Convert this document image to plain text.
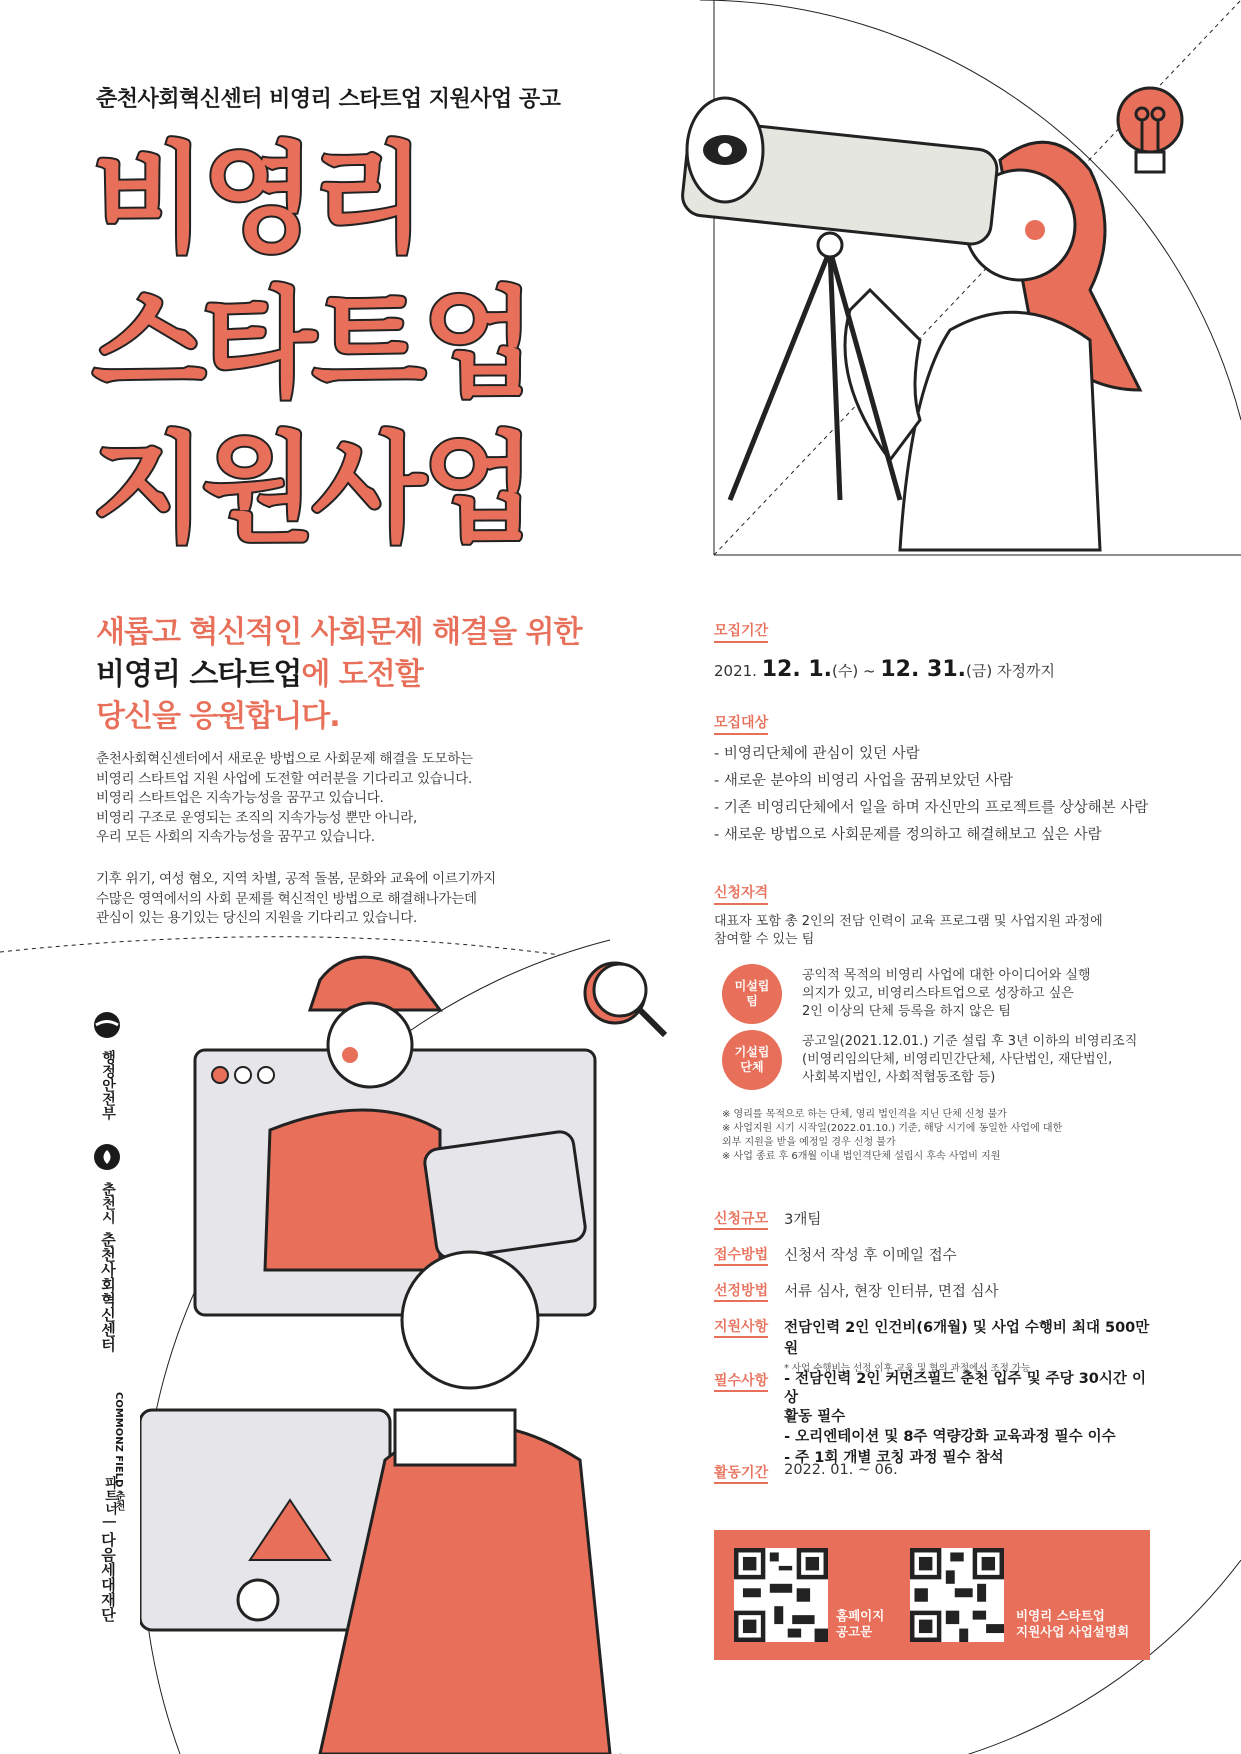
춘천사회혁신센터 비영리 스타트업 지원사업 공고
비영리
스타트업
지원사업
새롭고 혁신적인 사회문제 해결을 위한
비영리 스타트업에 도전할
당신을 응원합니다.
춘천사회혁신센터에서 새로운 방법으로 사회문제 해결을 도모하는
비영리 스타트업 지원 사업에 도전할 여러분을 기다리고 있습니다.
비영리 스타트업은 지속가능성을 꿈꾸고 있습니다.
비영리 구조로 운영되는 조직의 지속가능성 뿐만 아니라,
우리 모든 사회의 지속가능성을 꿈꾸고 있습니다.
기후 위기, 여성 혐오, 지역 차별, 공적 돌봄, 문화와 교육에 이르기까지
수많은 영역에서의 사회 문제를 혁신적인 방법으로 해결해나가는데
관심이 있는 용기있는 당신의 지원을 기다리고 있습니다.
모집기간
2021. 12. 1.(수) ~ 12. 31.(금) 자정까지
모집대상
- 비영리단체에 관심이 있던 사람
- 새로운 분야의 비영리 사업을 꿈꿔보았던 사람
- 기존 비영리단체에서 일을 하며 자신만의 프로젝트를 상상해본 사람
- 새로운 방법으로 사회문제를 정의하고 해결해보고 싶은 사람
신청자격
대표자 포함 총 2인의 전담 인력이 교육 프로그램 및 사업지원 과정에
참여할 수 있는 팀
미설립
팀
공익적 목적의 비영리 사업에 대한 아이디어와 실행
의지가 있고, 비영리스타트업으로 성장하고 싶은
2인 이상의 단체 등록을 하지 않은 팀
기설립
단체
공고일(2021.12.01.) 기준 설립 후 3년 이하의 비영리조직
(비영리임의단체, 비영리민간단체, 사단법인, 재단법인,
사회복지법인, 사회적협동조합 등)
※ 영리를 목적으로 하는 단체, 영리 법인격을 지닌 단체 신청 불가
※ 사업지원 시기 시작일(2022.01.10.) 기준, 해당 시기에 동일한 사업에 대한
외부 지원을 받을 예정일 경우 신청 불가
※ 사업 종료 후 6개월 이내 법인격단체 설립시 후속 사업비 지원
신청규모 3개팀
접수방법 신청서 작성 후 이메일 접수
선정방법 서류 심사, 현장 인터뷰, 면접 심사
지원사항 전담인력 2인 인건비(6개월) 및 사업 수행비 최대 500만원
* 사업 수행비는 선정 이후 교육 및 협의 과정에서 조정 가능
필수사항 - 전담인력 2인 커먼즈필드 춘천 입주 및 주당 30시간 이상
활동 필수
- 오리엔테이션 및 8주 역량강화 교육과정 필수 이수
- 주 1회 개별 코칭 과정 필수 참석
활동기간 2022. 01. ~ 06.
홈페이지
공고문
비영리 스타트업
지원사업 사업설명회
행정안전부
춘천시
춘천사회혁신센터
COMMONZ FIELD 춘천
파트너 |
다음세대재단
